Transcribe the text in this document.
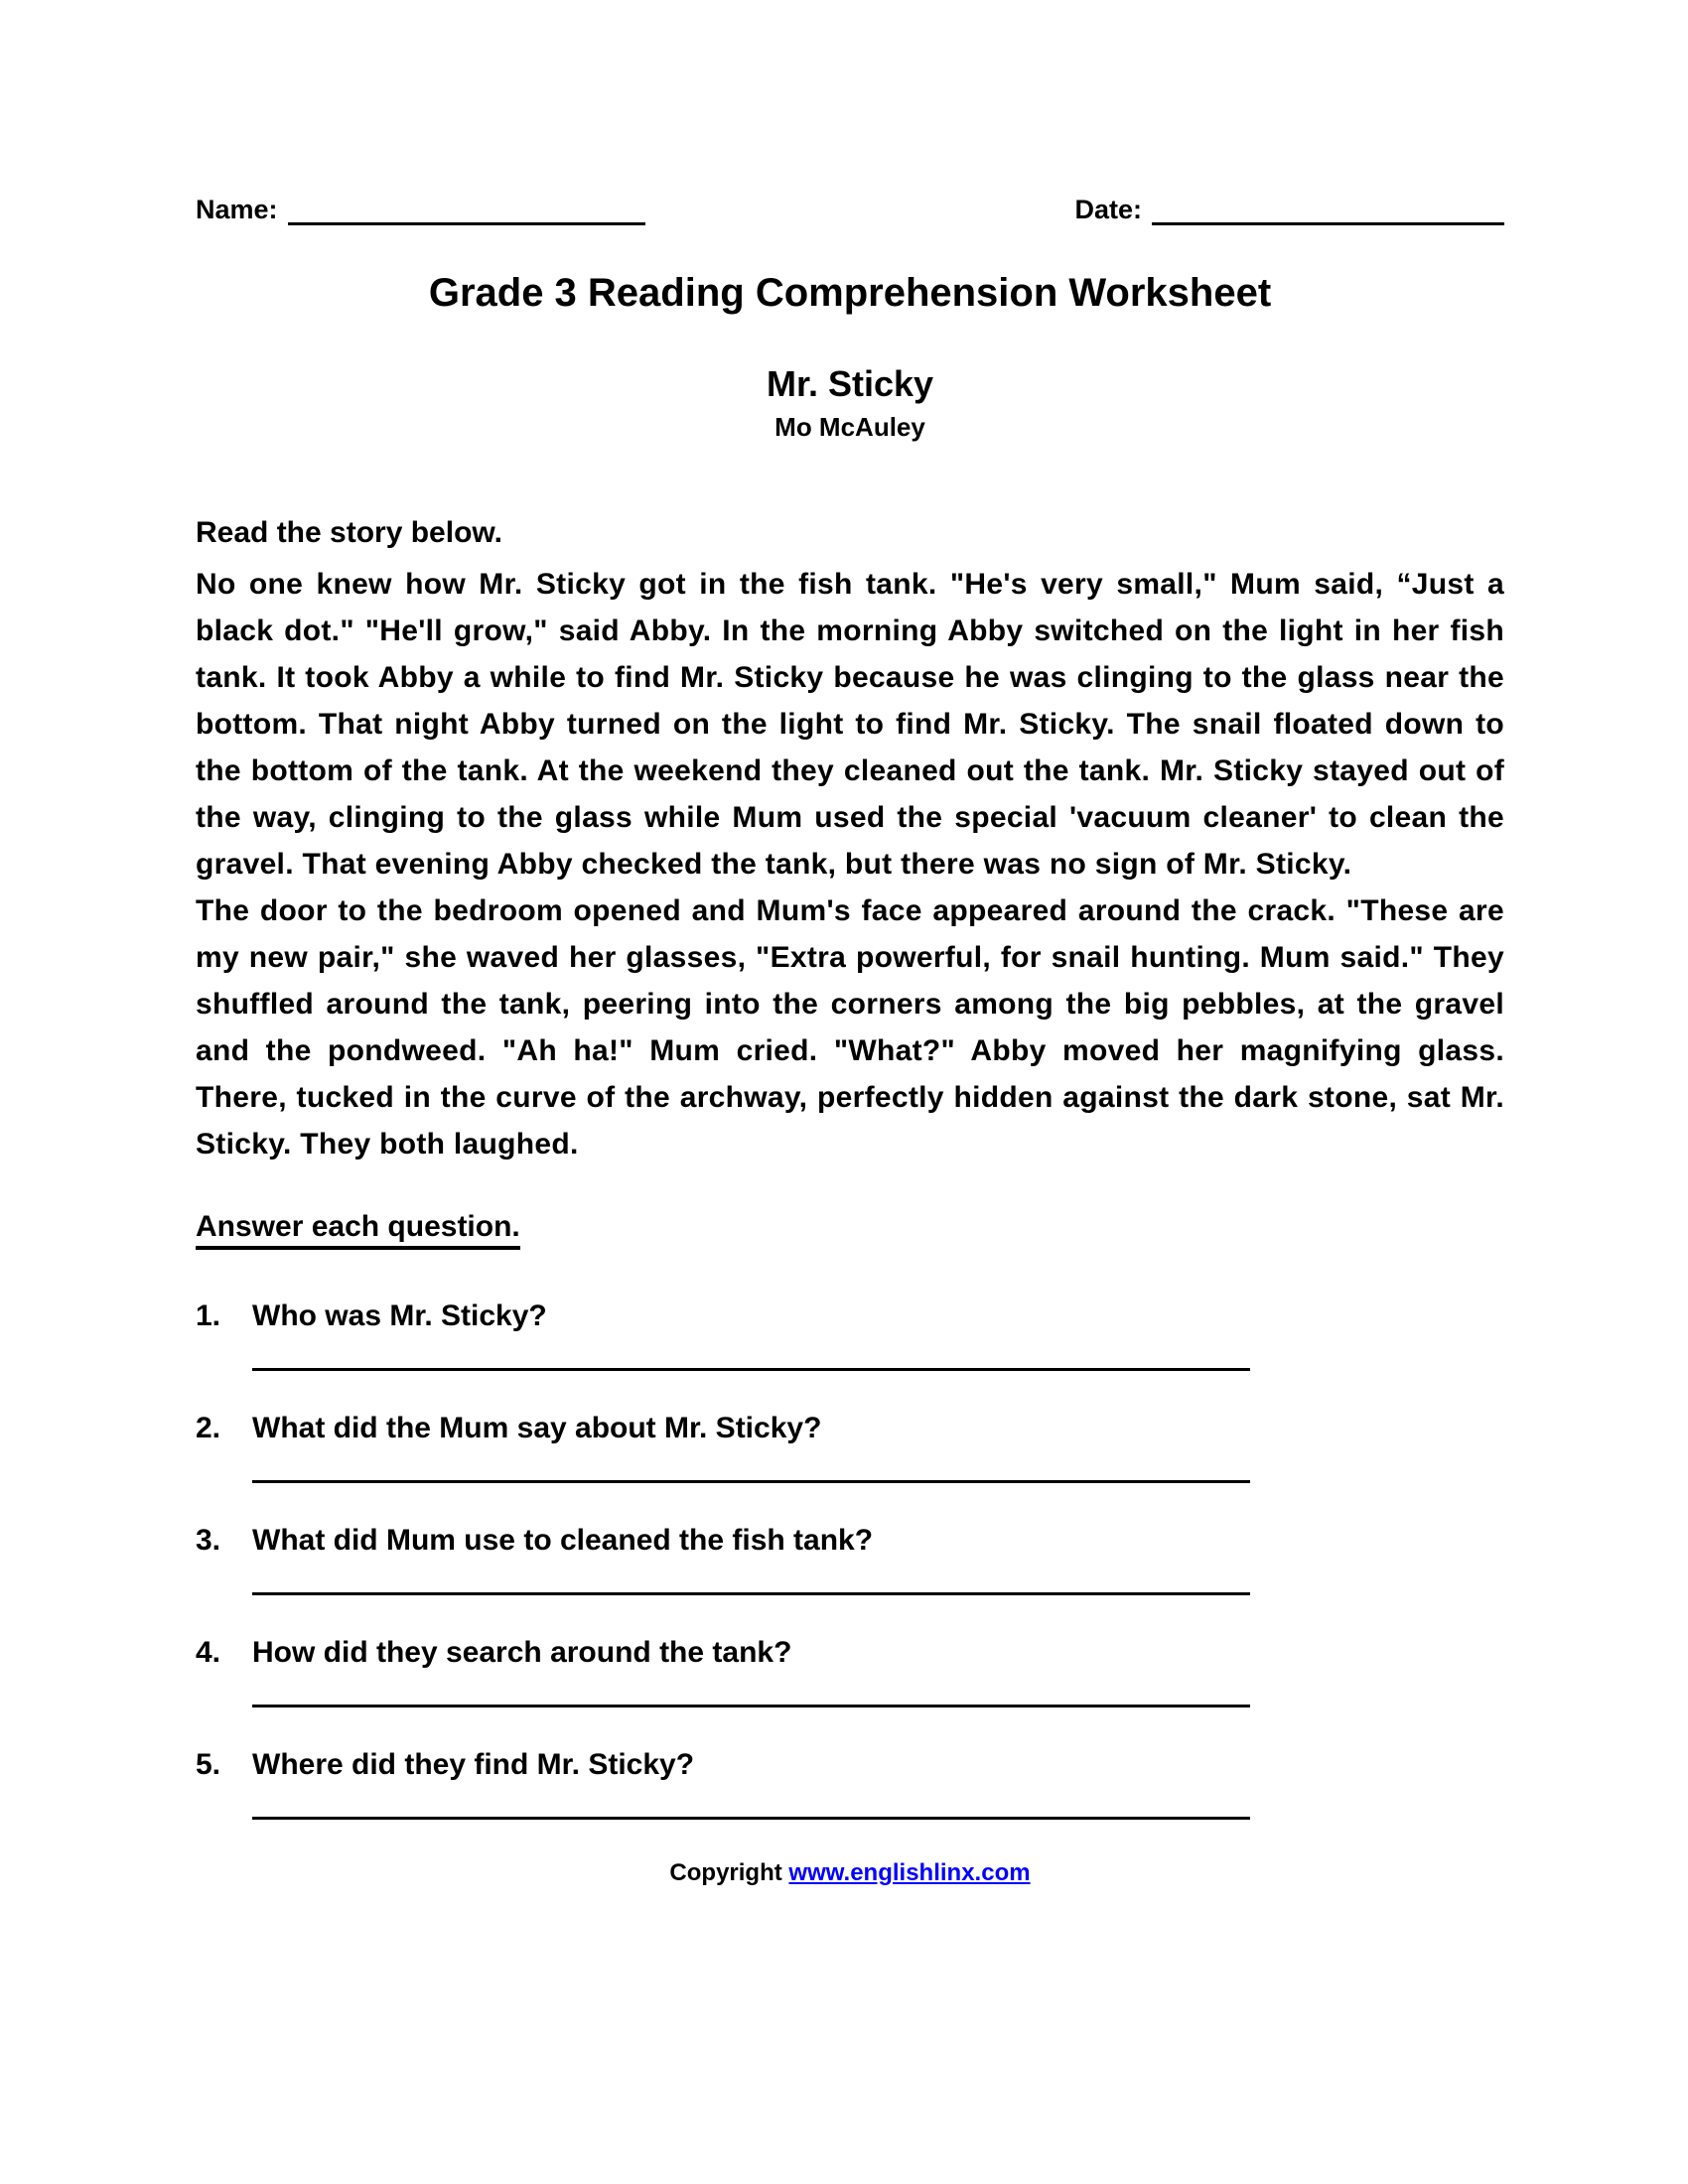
Name:	Date:
Grade 3 Reading Comprehension Worksheet
Mr. Sticky
Mo McAuley
Read the story below.
No one knew how Mr. Sticky got in the fish tank. "He's very small," Mum said, “Just a black dot." "He'll grow," said Abby. In the morning Abby switched on the light in her fish tank. It took Abby a while to find Mr. Sticky because he was clinging to the glass near the bottom. That night Abby turned on the light to find Mr. Sticky. The snail floated down to the bottom of the tank. At the weekend they cleaned out the tank. Mr. Sticky stayed out of the way, clinging to the glass while Mum used the special 'vacuum cleaner' to clean the gravel. That evening Abby checked the tank, but there was no sign of Mr. Sticky.
The door to the bedroom opened and Mum's face appeared around the crack. "These are my new pair," she waved her glasses, "Extra powerful, for snail hunting. Mum said." They shuffled around the tank, peering into the corners among the big pebbles, at the gravel and the pondweed. "Ah ha!" Mum cried. "What?" Abby moved her magnifying glass. There, tucked in the curve of the archway, perfectly hidden against the dark stone, sat Mr. Sticky. They both laughed.
Answer each question.
1.	Who was Mr. Sticky?
2.	What did the Mum say about Mr. Sticky?
3.	What did Mum use to cleaned the fish tank?
4.	How did they search around the tank?
5.	Where did they find Mr. Sticky?
Copyright www.englishlinx.com
